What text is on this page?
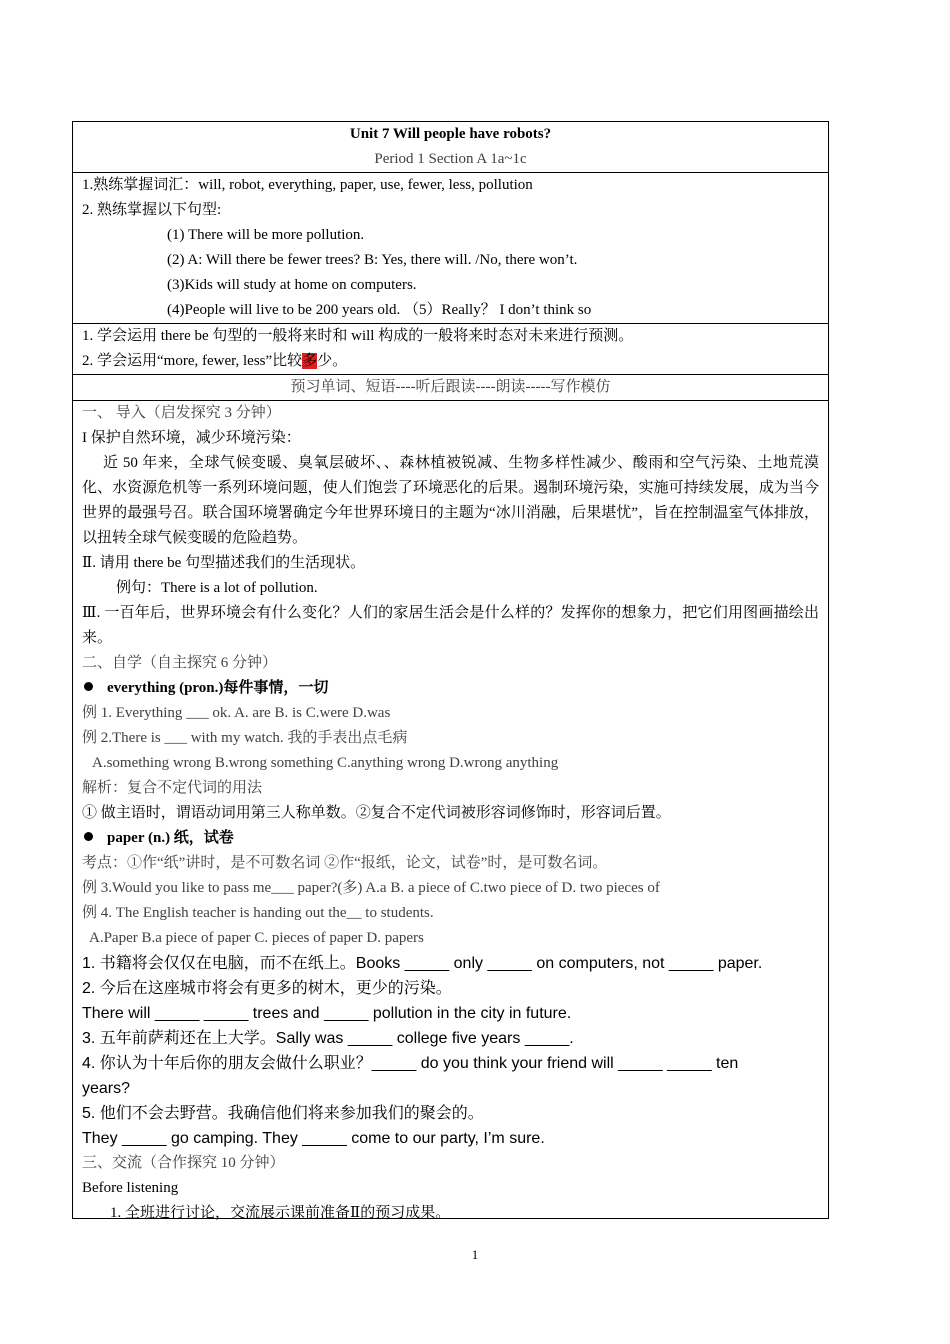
Unit 7 Will people have robots?
Period 1 Section A 1a~1c
1.熟练掌握词汇：will, robot, everything, paper, use, fewer, less, pollution
2. 熟练掌握以下句型:
(1) There will be more pollution.
(2) A: Will there be fewer trees? B: Yes, there will. /No, there won’t.
(3)Kids will study at home on computers.
(4)People will live to be 200 years old. （5）Really？ I don’t think so
1. 学会运用 there be 句型的一般将来时和 will 构成的一般将来时态对未来进行预测。
2. 学会运用“more, fewer, less”比较多少。
预习单词、短语----听后跟读----朗读-----写作模仿
一、 导入（启发探究 3 分钟）
I 保护自然环境，减少环境污染：
近 50 年来，全球气候变暖、臭氧层破坏、、森林植被锐减、生物多样性减少、酸雨和空气污染、土地荒漠化、水资源危机等一系列环境问题，使人们饱尝了环境恶化的后果。遏制环境污染，实施可持续发展，成为当今世界的最强号召。联合国环境署确定今年世界环境日的主题为“冰川消融，后果堪忧”，旨在控制温室气体排放，以扭转全球气候变暖的危险趋势。
Ⅱ. 请用 there be 句型描述我们的生活现状。
例句：There is a lot of pollution.
Ⅲ. 一百年后，世界环境会有什么变化？人们的家居生活会是什么样的？发挥你的想象力，把它们用图画描绘出来。
二、自学（自主探究 6 分钟）
everything (pron.)每件事情，一切
例 1. Everything ___ ok. A. are B. is C.were D.was
例 2.There is ___ with my watch. 我的手表出点毛病
A.something wrong B.wrong something C.anything wrong D.wrong anything
解析：复合不定代词的用法
① 做主语时，谓语动词用第三人称单数。②复合不定代词被形容词修饰时，形容词后置。
paper (n.) 纸，试卷
考点：①作“纸”讲时，是不可数名词 ②作“报纸，论文，试卷”时，是可数名词。
例 3.Would you like to pass me___ paper?(多) A.a B. a piece of C.two piece of D. two pieces of
例 4. The English teacher is handing out the__ to students.
A.Paper B.a piece of paper C. pieces of paper D. papers
1. 书籍将会仅仅在电脑，而不在纸上。Books _____ only _____ on computers, not _____ paper.
2. 今后在这座城市将会有更多的树木，更少的污染。
There will _____ _____ trees and _____ pollution in the city in future.
3. 五年前萨莉还在上大学。Sally was _____ college five years _____.
4. 你认为十年后你的朋友会做什么职业？_____ do you think your friend will _____ _____ ten
years?
5. 他们不会去野营。我确信他们将来参加我们的聚会的。
They _____ go camping. They _____ come to our party, I’m sure.
三、交流（合作探究 10 分钟）
Before listening
1. 全班进行讨论，交流展示课前准备Ⅱ的预习成果。
1
